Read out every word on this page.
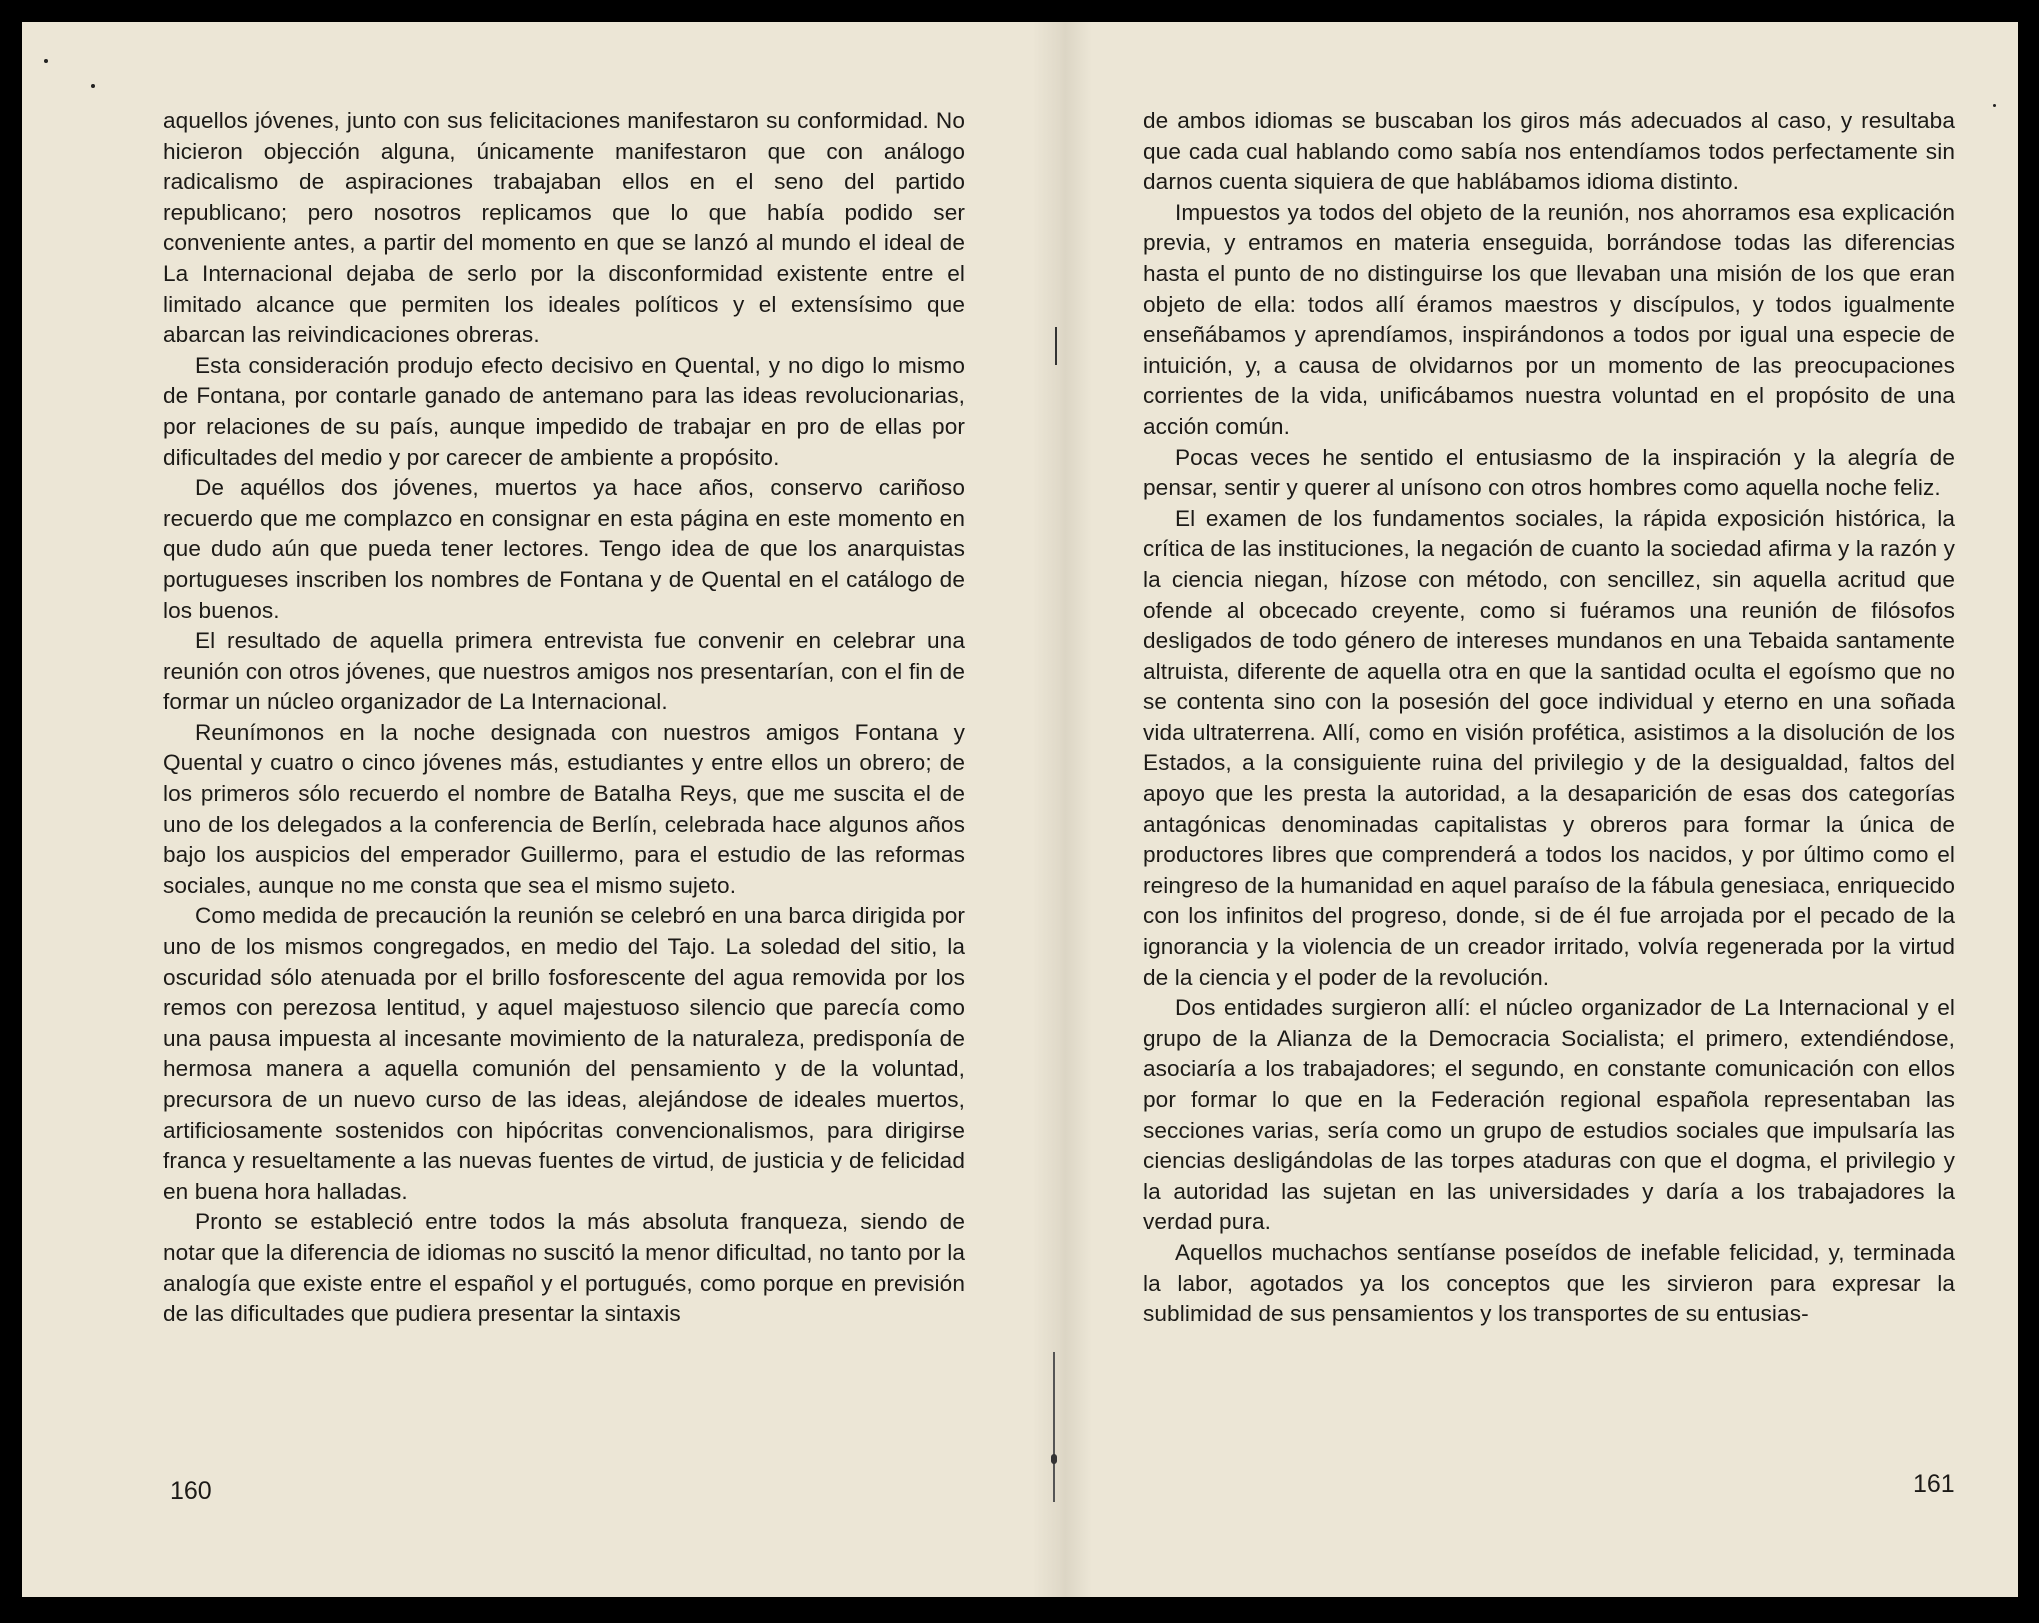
aquellos jóvenes, junto con sus felicitaciones manifestaron su conformidad. No hicieron objección alguna, únicamente manifestaron que con análogo radicalismo de aspiraciones trabajaban ellos en el seno del partido republicano; pero nosotros replicamos que lo que había podido ser conveniente antes, a partir del momento en que se lanzó al mundo el ideal de La Internacional dejaba de serlo por la disconformidad existente entre el limitado alcance que permiten los ideales políticos y el extensísimo que abarcan las reivindicaciones obreras.

Esta consideración produjo efecto decisivo en Quental, y no digo lo mismo de Fontana, por contarle ganado de antemano para las ideas revolucionarias, por relaciones de su país, aunque impedido de trabajar en pro de ellas por dificultades del medio y por carecer de ambiente a propósito.

De aquéllos dos jóvenes, muertos ya hace años, conservo cariñoso recuerdo que me complazco en consignar en esta página en este momento en que dudo aún que pueda tener lectores. Tengo idea de que los anarquistas portugueses inscriben los nombres de Fontana y de Quental en el catálogo de los buenos.

El resultado de aquella primera entrevista fue convenir en celebrar una reunión con otros jóvenes, que nuestros amigos nos presentarían, con el fin de formar un núcleo organizador de La Internacional.

Reunímonos en la noche designada con nuestros amigos Fontana y Quental y cuatro o cinco jóvenes más, estudiantes y entre ellos un obrero; de los primeros sólo recuerdo el nombre de Batalha Reys, que me suscita el de uno de los delegados a la conferencia de Berlín, celebrada hace algunos años bajo los auspicios del emperador Guillermo, para el estudio de las reformas sociales, aunque no me consta que sea el mismo sujeto.

Como medida de precaución la reunión se celebró en una barca dirigida por uno de los mismos congregados, en medio del Tajo. La soledad del sitio, la oscuridad sólo atenuada por el brillo fosforescente del agua removida por los remos con perezosa lentitud, y aquel majestuoso silencio que parecía como una pausa impuesta al incesante movimiento de la naturaleza, predisponía de hermosa manera a aquella comunión del pensamiento y de la voluntad, precursora de un nuevo curso de las ideas, alejándose de ideales muertos, artificiosamente sostenidos con hipócritas convencionalismos, para dirigirse franca y resueltamente a las nuevas fuentes de virtud, de justicia y de felicidad en buena hora halladas.

Pronto se estableció entre todos la más absoluta franqueza, siendo de notar que la diferencia de idiomas no suscitó la menor dificultad, no tanto por la analogía que existe entre el español y el portugués, como porque en previsión de las dificultades que pudiera presentar la sintaxis

de ambos idiomas se buscaban los giros más adecuados al caso, y resultaba que cada cual hablando como sabía nos entendíamos todos perfectamente sin darnos cuenta siquiera de que hablábamos idioma distinto.

Impuestos ya todos del objeto de la reunión, nos ahorramos esa explicación previa, y entramos en materia enseguida, borrándose todas las diferencias hasta el punto de no distinguirse los que llevaban una misión de los que eran objeto de ella: todos allí éramos maestros y discípulos, y todos igualmente enseñábamos y aprendíamos, inspirándonos a todos por igual una especie de intuición, y, a causa de olvidarnos por un momento de las preocupaciones corrientes de la vida, unificábamos nuestra voluntad en el propósito de una acción común.

Pocas veces he sentido el entusiasmo de la inspiración y la alegría de pensar, sentir y querer al unísono con otros hombres como aquella noche feliz.

El examen de los fundamentos sociales, la rápida exposición histórica, la crítica de las instituciones, la negación de cuanto la sociedad afirma y la razón y la ciencia niegan, hízose con método, con sencillez, sin aquella acritud que ofende al obcecado creyente, como si fuéramos una reunión de filósofos desligados de todo género de intereses mundanos en una Tebaida santamente altruista, diferente de aquella otra en que la santidad oculta el egoísmo que no se contenta sino con la posesión del goce individual y eterno en una soñada vida ultraterrena. Allí, como en visión profética, asistimos a la disolución de los Estados, a la consiguiente ruina del privilegio y de la desigualdad, faltos del apoyo que les presta la autoridad, a la desaparición de esas dos categorías antagónicas denominadas capitalistas y obreros para formar la única de productores libres que comprenderá a todos los nacidos, y por último como el reingreso de la humanidad en aquel paraíso de la fábula genesiaca, enriquecido con los infinitos del progreso, donde, si de él fue arrojada por el pecado de la ignorancia y la violencia de un creador irritado, volvía regenerada por la virtud de la ciencia y el poder de la revolución.

Dos entidades surgieron allí: el núcleo organizador de La Internacional y el grupo de la Alianza de la Democracia Socialista; el primero, extendiéndose, asociaría a los trabajadores; el segundo, en constante comunicación con ellos por formar lo que en la Federación regional española representaban las secciones varias, sería como un grupo de estudios sociales que impulsaría las ciencias desligándolas de las torpes ataduras con que el dogma, el privilegio y la autoridad las sujetan en las universidades y daría a los trabajadores la verdad pura.

Aquellos muchachos sentíanse poseídos de inefable felicidad, y, terminada la labor, agotados ya los conceptos que les sirvieron para expresar la sublimidad de sus pensamientos y los transportes de su entusias-

160	161
